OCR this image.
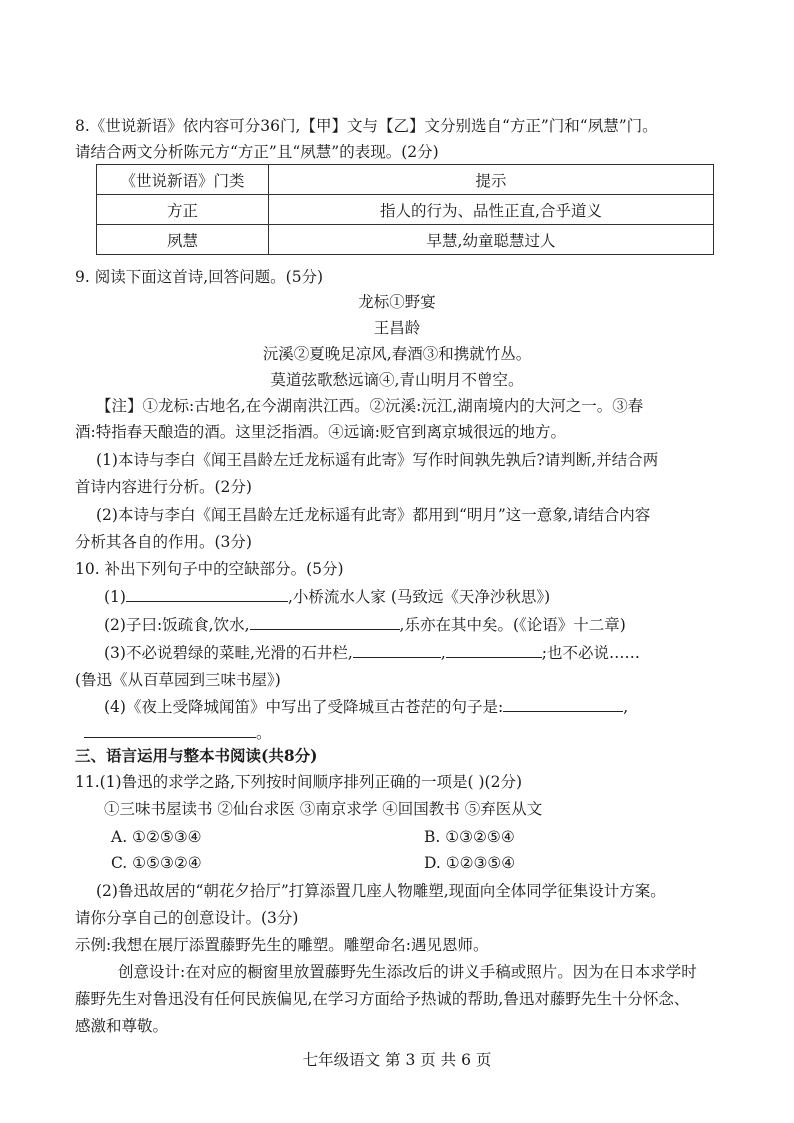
8.《世说新语》依内容可分36门,【甲】文与【乙】文分别选自“方正”门和“夙慧”门。
请结合两文分析陈元方“方正”且“夙慧”的表现。(2分)
《世说新语》门类	提示
方正	指人的行为、品性正直,合乎道义
夙慧	早慧,幼童聪慧过人
9. 阅读下面这首诗,回答问题。(5分)
龙标①野宴
王昌龄
沅溪②夏晚足凉风,春酒③和携就竹丛。
莫道弦歌愁远谪④,青山明月不曾空。
【注】①龙标:古地名,在今湖南洪江西。②沅溪:沅江,湖南境内的大河之一。③春
酒:特指春天酿造的酒。这里泛指酒。④远谪:贬官到离京城很远的地方。
(1)本诗与李白《闻王昌龄左迁龙标遥有此寄》写作时间孰先孰后?请判断,并结合两
首诗内容进行分析。(2分)
(2)本诗与李白《闻王昌龄左迁龙标遥有此寄》都用到“明月”这一意象,请结合内容
分析其各自的作用。(3分)
10. 补出下列句子中的空缺部分。(5分)
(1)	,小桥流水人家 (马致远《天净沙秋思》)
(2)子曰:饭疏食,饮水,	,乐亦在其中矣。(《论语》十二章)
(3)不必说碧绿的菜畦,光滑的石井栏,	,	;也不必说……
(鲁迅《从百草园到三味书屋》)
(4)《夜上受降城闻笛》中写出了受降城亘古苍茫的句子是:	,
。
三、语言运用与整本书阅读(共8分)
11.(1)鲁迅的求学之路,下列按时间顺序排列正确的一项是( )(2分)
①三味书屋读书 ②仙台求医 ③南京求学 ④回国教书 ⑤弃医从文
A. ①②⑤③④	B. ①③②⑤④
C. ①⑤③②④	D. ①②③⑤④
(2)鲁迅故居的“朝花夕拾厅”打算添置几座人物雕塑,现面向全体同学征集设计方案。
请你分享自己的创意设计。(3分)
示例:我想在展厅添置藤野先生的雕塑。雕塑命名:遇见恩师。
创意设计:在对应的橱窗里放置藤野先生添改后的讲义手稿或照片。因为在日本求学时
藤野先生对鲁迅没有任何民族偏见,在学习方面给予热诚的帮助,鲁迅对藤野先生十分怀念、
感激和尊敬。
七年级语文 第 3 页 共 6 页
